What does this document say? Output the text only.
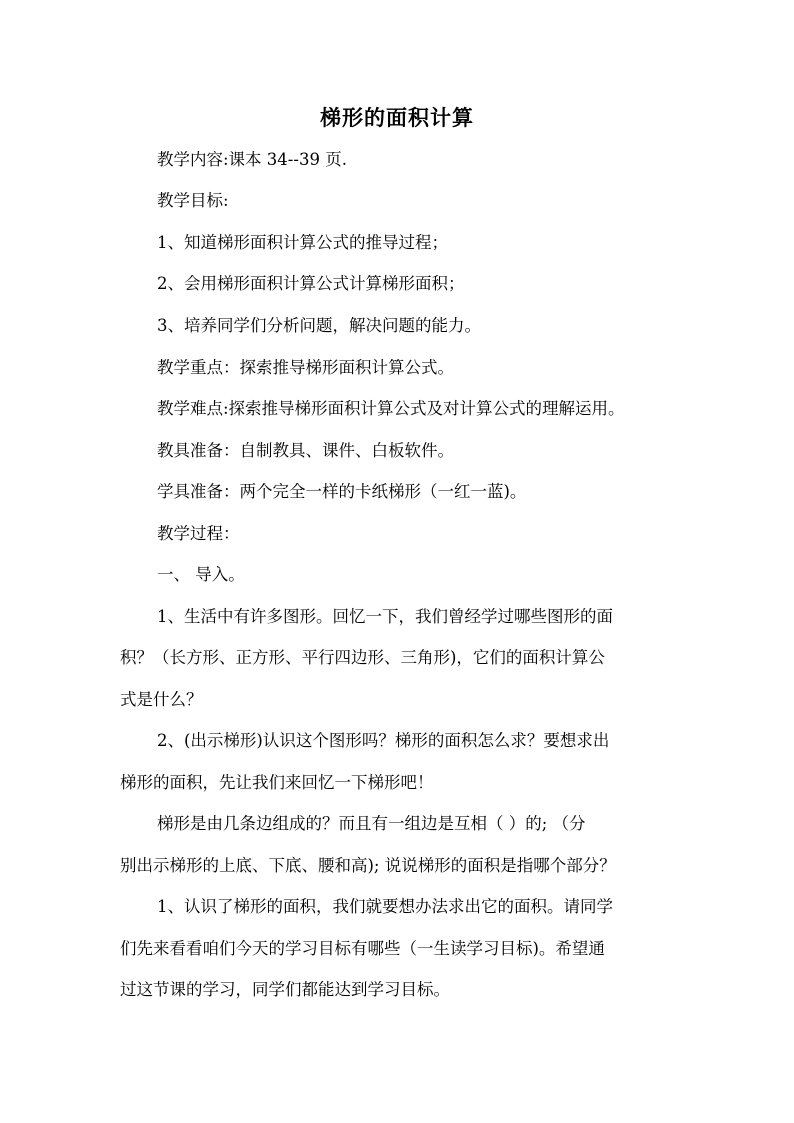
梯形的面积计算
教学内容:课本 34--39 页.
教学目标:
1、知道梯形面积计算公式的推导过程；
2、会用梯形面积计算公式计算梯形面积；
3、培养同学们分析问题，解决问题的能力。
教学重点：探索推导梯形面积计算公式。
教学难点:探索推导梯形面积计算公式及对计算公式的理解运用。
教具准备：自制教具、课件、白板软件。
学具准备：两个完全一样的卡纸梯形（一红一蓝)。
教学过程：
一、 导入。
1、生活中有许多图形。回忆一下，我们曾经学过哪些图形的面
积？（长方形、正方形、平行四边形、三角形)，它们的面积计算公
式是什么？
2、(出示梯形)认识这个图形吗？梯形的面积怎么求？要想求出
梯形的面积，先让我们来回忆一下梯形吧！
梯形是由几条边组成的？而且有一组边是互相（ ）的; （分
别出示梯形的上底、下底、腰和高); 说说梯形的面积是指哪个部分？
1、认识了梯形的面积，我们就要想办法求出它的面积。请同学
们先来看看咱们今天的学习目标有哪些（一生读学习目标)。希望通
过这节课的学习，同学们都能达到学习目标。
